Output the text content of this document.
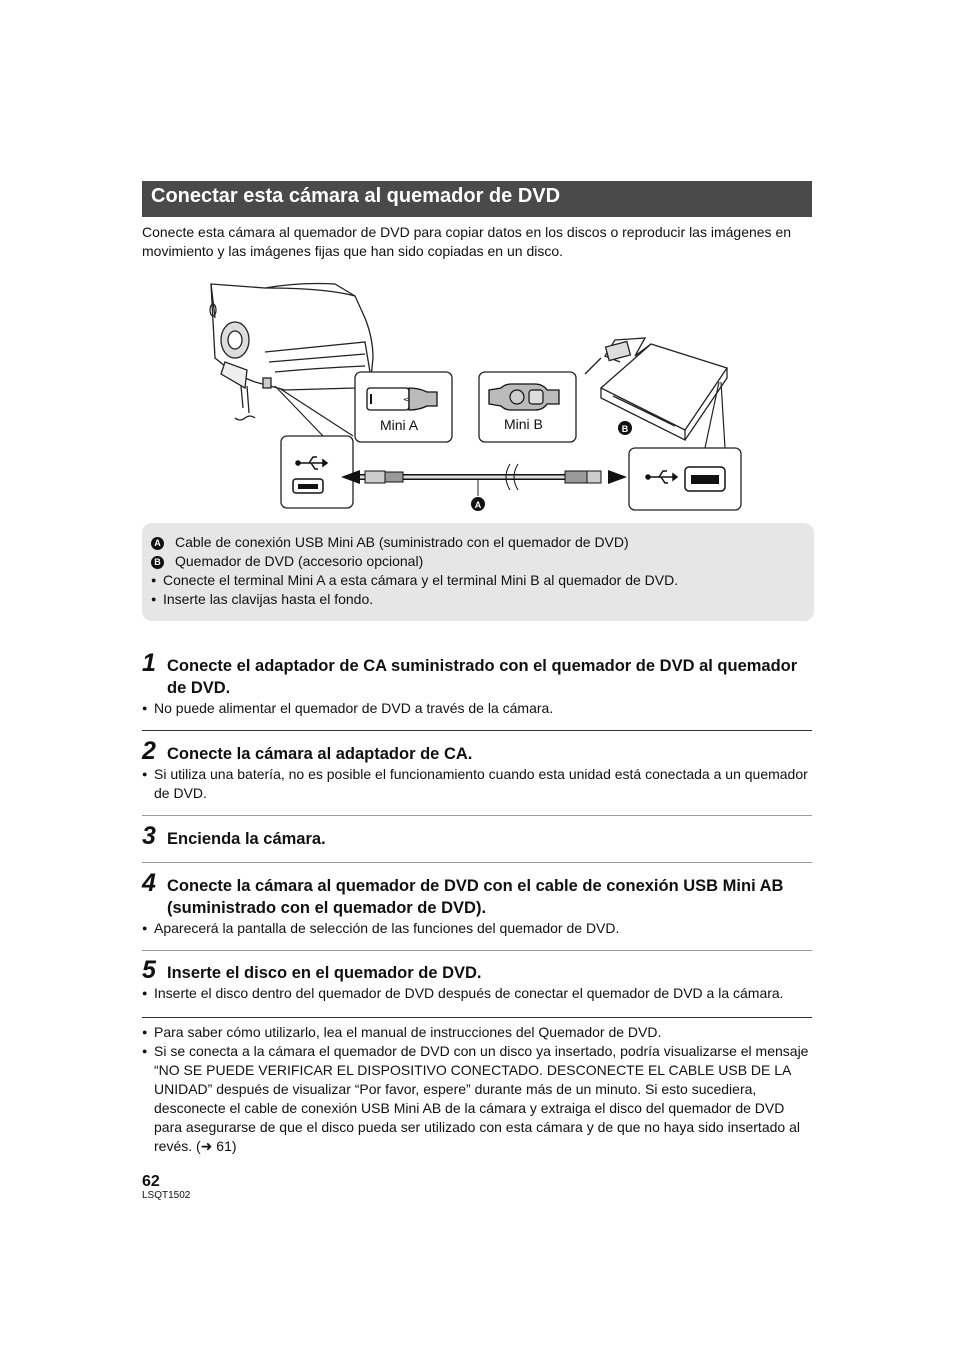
Conectar esta cámara al quemador de DVD
Conecte esta cámara al quemador de DVD para copiar datos en los discos o reproducir las imágenes en movimiento y las imágenes fijas que han sido copiadas en un disco.
<
Mini A	Mini B
A
B
A Cable de conexión USB Mini AB (suministrado con el quemador de DVD)
B Quemador de DVD (accesorio opcional)
● Conecte el terminal Mini A a esta cámara y el terminal Mini B al quemador de DVD.
● Inserte las clavijas hasta el fondo.
1 Conecte el adaptador de CA suministrado con el quemador de DVD al quemador de DVD.
● No puede alimentar el quemador de DVD a través de la cámara.
2 Conecte la cámara al adaptador de CA.
● Si utiliza una batería, no es posible el funcionamiento cuando esta unidad está conectada a un quemador de DVD.
3 Encienda la cámara.
4 Conecte la cámara al quemador de DVD con el cable de conexión USB Mini AB (suministrado con el quemador de DVD).
● Aparecerá la pantalla de selección de las funciones del quemador de DVD.
5 Inserte el disco en el quemador de DVD.
● Inserte el disco dentro del quemador de DVD después de conectar el quemador de DVD a la cámara.
● Para saber cómo utilizarlo, lea el manual de instrucciones del Quemador de DVD.
● Si se conecta a la cámara el quemador de DVD con un disco ya insertado, podría visualizarse el mensaje “NO SE PUEDE VERIFICAR EL DISPOSITIVO CONECTADO. DESCONECTE EL CABLE USB DE LA UNIDAD” después de visualizar “Por favor, espere” durante más de un minuto. Si esto sucediera, desconecte el cable de conexión USB Mini AB de la cámara y extraiga el disco del quemador de DVD para asegurarse de que el disco pueda ser utilizado con esta cámara y de que no haya sido insertado al revés. (➜ 61)
62
LSQT1502
